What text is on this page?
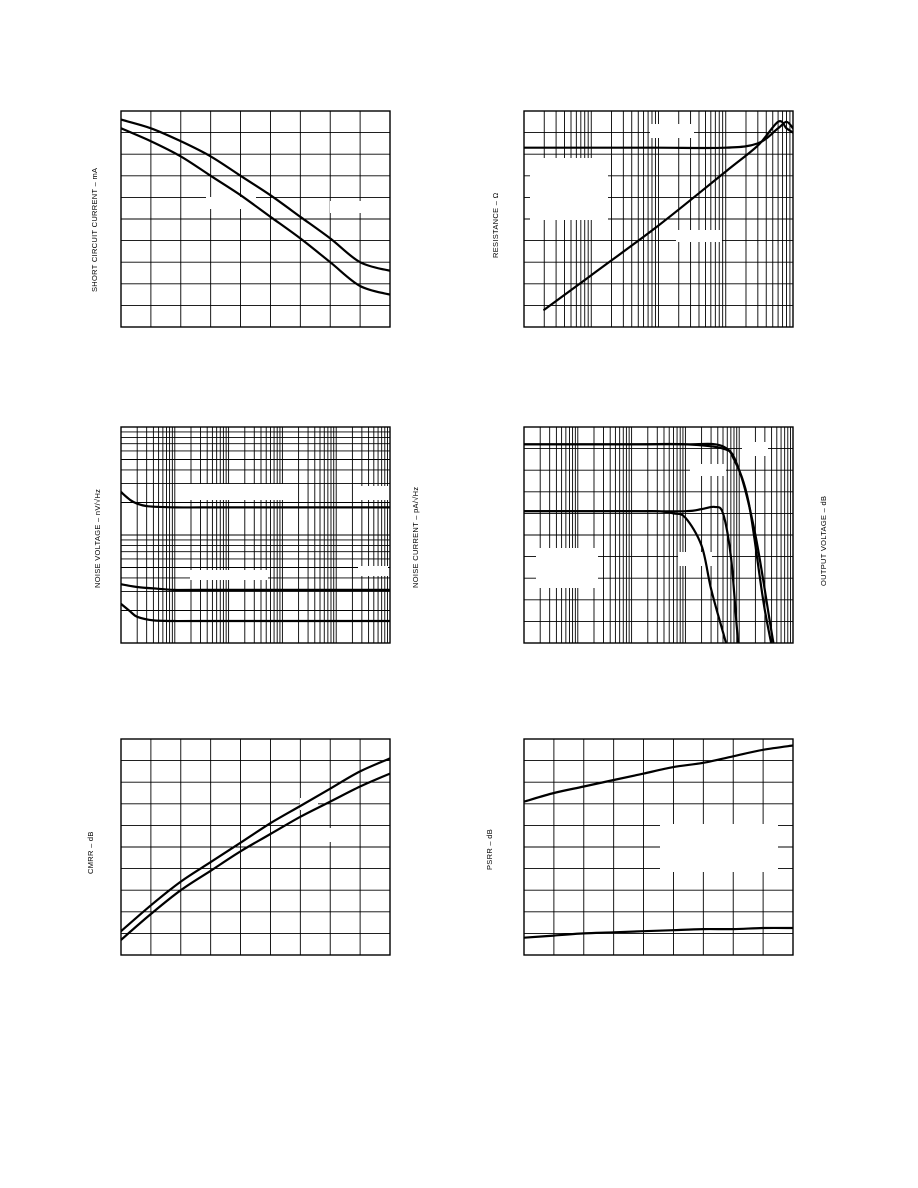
SHORT CIRCUIT CURRENT – mA	RESISTANCE – Ω
NOISE VOLTAGE – nV/√Hz	NOISE CURRENT – pA/√Hz	OUTPUT VOLTAGE – dB
CMRR – dB	PSRR – dB
